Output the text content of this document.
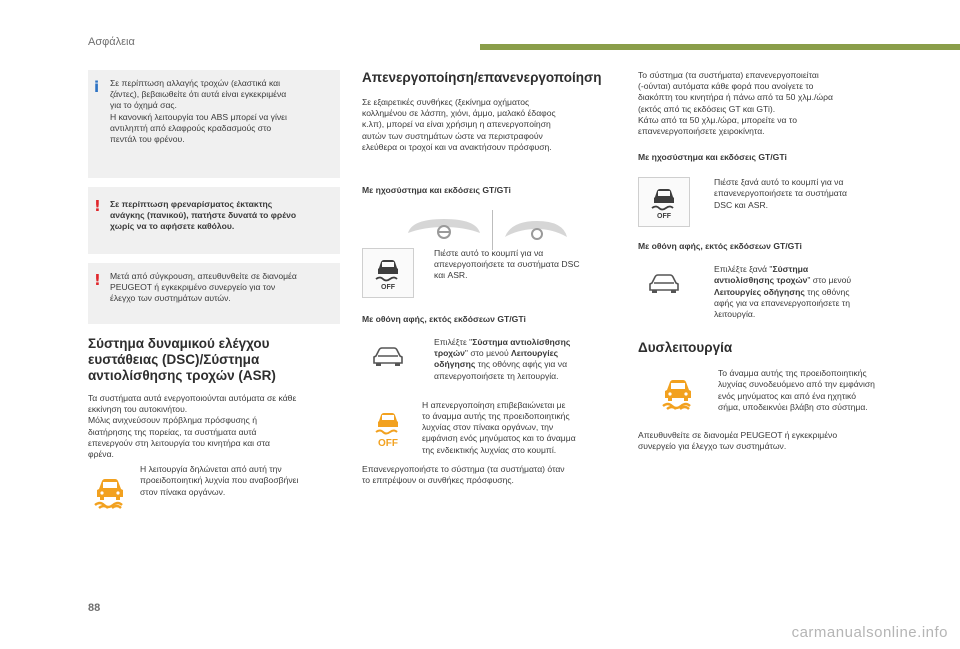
Ασφάλεια
i Σε περίπτωση αλλαγής τροχών (ελαστικά και
ζάντες), βεβαιωθείτε ότι αυτά είναι εγκεκριμένα
για το όχημά σας.
Η κανονική λειτουργία του ABS μπορεί να γίνει
αντιληπτή από ελαφρούς κραδασμούς στο
πεντάλ του φρένου.
! Σε περίπτωση φρεναρίσματος έκτακτης
ανάγκης (πανικού), πατήστε δυνατά το φρένο
χωρίς να το αφήσετε καθόλου.
! Μετά από σύγκρουση, απευθυνθείτε σε διανομέα
PEUGEOT ή εγκεκριμένο συνεργείο για τον
έλεγχο των συστημάτων αυτών.
Σύστημα δυναμικού ελέγχου
ευστάθειας (DSC)/Σύστημα
αντιολίσθησης τροχών (ASR)
Τα συστήματα αυτά ενεργοποιούνται αυτόματα σε κάθε
εκκίνηση του αυτοκινήτου.
Μόλις ανιχνεύσουν πρόβλημα πρόσφυσης ή
διατήρησης της πορείας, τα συστήματα αυτά
επενεργούν στη λειτουργία του κινητήρα και στα
φρένα.
Η λειτουργία δηλώνεται από αυτή την
προειδοποιητική λυχνία που αναβοσβήνει
στον πίνακα οργάνων.
Απενεργοποίηση/επανενεργοποίηση
Σε εξαιρετικές συνθήκες (ξεκίνημα οχήματος
κολλημένου σε λάσπη, χιόνι, άμμο, μαλακό έδαφος
κ.λπ), μπορεί να είναι χρήσιμη η απενεργοποίηση
αυτών των συστημάτων ώστε να περιστραφούν
ελεύθερα οι τροχοί και να ανακτήσουν πρόσφυση.
Με ηχοσύστημα και εκδόσεις GT/GTi
OFF
Πιέστε αυτό το κουμπί για να
απενεργοποιήσετε τα συστήματα DSC
και ASR.
Με οθόνη αφής, εκτός εκδόσεων GT/GTi
Επιλέξτε "Σύστημα αντιολίσθησης
τροχών" στο μενού Λειτουργίες
οδήγησης της οθόνης αφής για να
απενεργοποιήσετε τη λειτουργία.
OFF
Η απενεργοποίηση επιβεβαιώνεται με
το άναμμα αυτής της προειδοποιητικής
λυχνίας στον πίνακα οργάνων, την
εμφάνιση ενός μηνύματος και το άναμμα
της ενδεικτικής λυχνίας στο κουμπί.
Επανενεργοποιήστε το σύστημα (τα συστήματα) όταν
το επιτρέψουν οι συνθήκες πρόσφυσης.
Το σύστημα (τα συστήματα) επανενεργοποιείται
(-ούνται) αυτόματα κάθε φορά που ανοίγετε το
διακόπτη του κινητήρα ή πάνω από τα 50 χλμ./ώρα
(εκτός από τις εκδόσεις GT και GTi).
Κάτω από τα 50 χλμ./ώρα, μπορείτε να το
επανενεργοποιήσετε χειροκίνητα.
Με ηχοσύστημα και εκδόσεις GT/GTi
OFF
Πιέστε ξανά αυτό το κουμπί για να
επανενεργοποιήσετε τα συστήματα
DSC και ASR.
Με οθόνη αφής, εκτός εκδόσεων GT/GTi
Επιλέξτε ξανά "Σύστημα
αντιολίσθησης τροχών" στο μενού
Λειτουργίες οδήγησης της οθόνης
αφής για να επανενεργοποιήσετε τη
λειτουργία.
Δυσλειτουργία
Το άναμμα αυτής της προειδοποιητικής
λυχνίας συνοδευόμενο από την εμφάνιση
ενός μηνύματος και από ένα ηχητικό
σήμα, υποδεικνύει βλάβη στο σύστημα.
Απευθυνθείτε σε διανομέα PEUGEOT ή εγκεκριμένο
συνεργείο για έλεγχο των συστημάτων.
88
carmanualsonline.info
